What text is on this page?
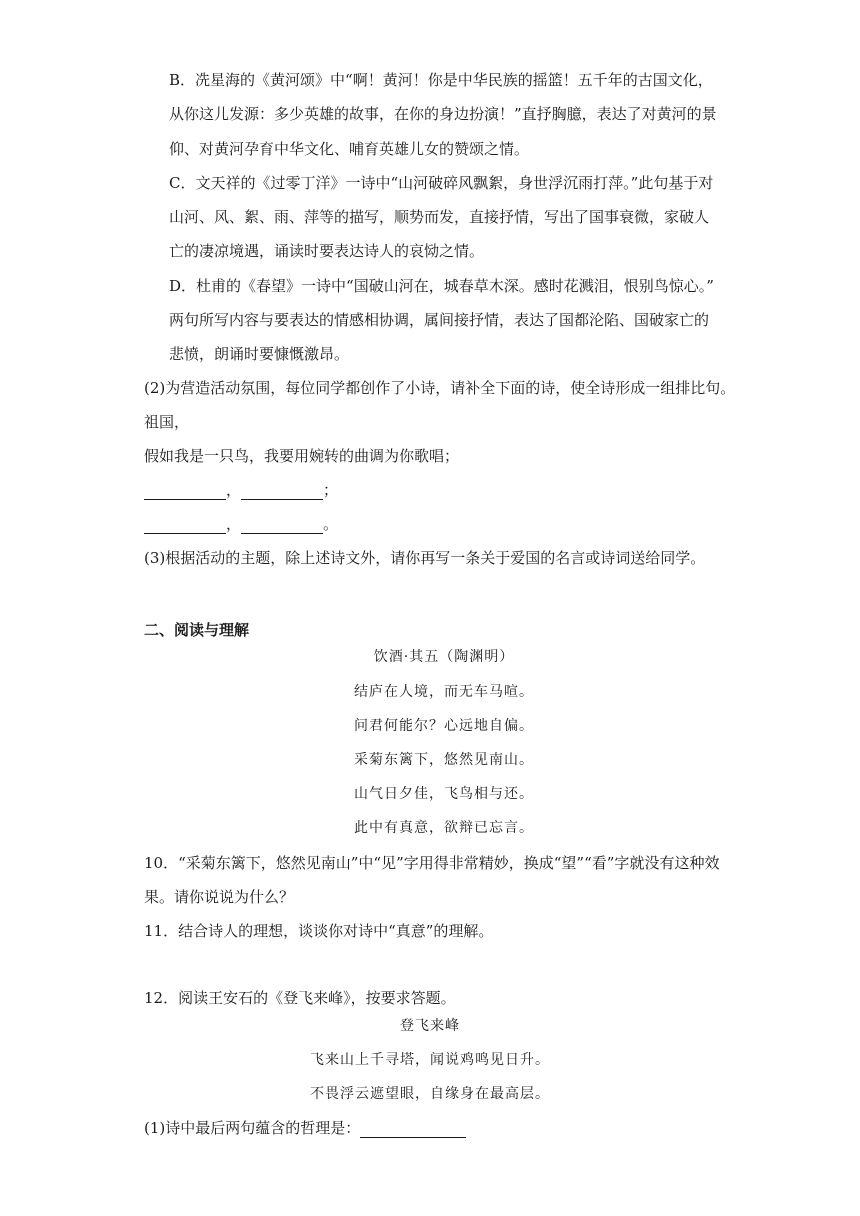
B．冼星海的《黄河颂》中“啊！黄河！你是中华民族的摇篮！五千年的古国文化，
从你这儿发源：多少英雄的故事，在你的身边扮演！”直抒胸臆，表达了对黄河的景
仰、对黄河孕育中华文化、哺育英雄儿女的赞颂之情。
C．文天祥的《过零丁洋》一诗中“山河破碎风飘絮，身世浮沉雨打萍。”此句基于对
山河、风、絮、雨、萍等的描写，顺势而发，直接抒情，写出了国事衰微，家破人
亡的凄凉境遇，诵读时要表达诗人的哀恸之情。
D．杜甫的《春望》一诗中“国破山河在，城春草木深。感时花溅泪，恨别鸟惊心。”
两句所写内容与要表达的情感相协调，属间接抒情，表达了国都沦陷、国破家亡的
悲愤，朗诵时要慷慨激昂。
(2)为营造活动氛围，每位同学都创作了小诗，请补全下面的诗，使全诗形成一组排比句。
祖国，
假如我是一只鸟，我要用婉转的曲调为你歌唱；
，	；
，	。
(3)根据活动的主题，除上述诗文外，请你再写一条关于爱国的名言或诗词送给同学。
二、阅读与理解
饮酒·其五（陶渊明）
结庐在人境，而无车马喧。
问君何能尔？心远地自偏。
采菊东篱下，悠然见南山。
山气日夕佳，飞鸟相与还。
此中有真意，欲辩已忘言。
10．“采菊东篱下，悠然见南山”中“见”字用得非常精妙，换成“望”“看”字就没有这种效
果。请你说说为什么？
11．结合诗人的理想，谈谈你对诗中“真意”的理解。
12．阅读王安石的《登飞来峰》，按要求答题。
登飞来峰
飞来山上千寻塔，闻说鸡鸣见日升。
不畏浮云遮望眼，自缘身在最高层。
(1)诗中最后两句蕴含的哲理是：
